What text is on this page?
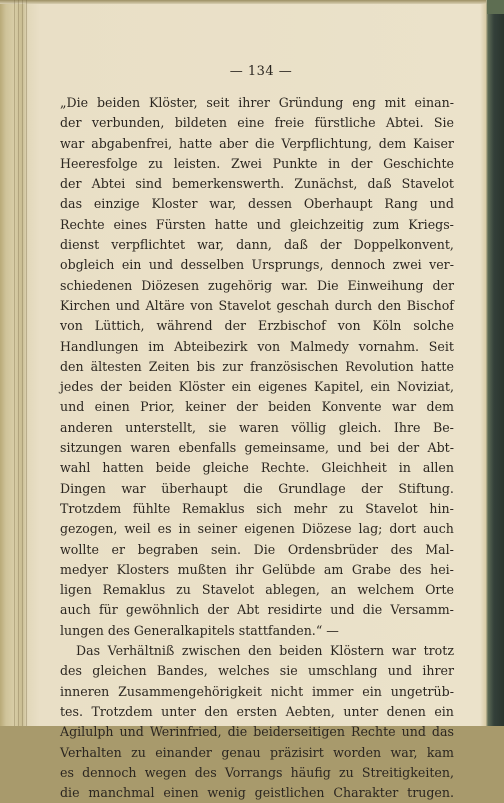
— 134 —
„Die beiden Klöster, seit ihrer Gründung eng mit einan-
der verbunden, bildeten eine freie fürstliche Abtei. Sie
war abgabenfrei, hatte aber die Verpflichtung, dem Kaiser
Heeresfolge zu leisten. Zwei Punkte in der Geschichte
der Abtei sind bemerkenswerth. Zunächst, daß Stavelot
das einzige Kloster war, dessen Oberhaupt Rang und
Rechte eines Fürsten hatte und gleichzeitig zum Kriegs-
dienst verpflichtet war, dann, daß der Doppelkonvent,
obgleich ein und desselben Ursprungs, dennoch zwei ver-
schiedenen Diözesen zugehörig war. Die Einweihung der
Kirchen und Altäre von Stavelot geschah durch den Bischof
von Lüttich, während der Erzbischof von Köln solche
Handlungen im Abteibezirk von Malmedy vornahm. Seit
den ältesten Zeiten bis zur französischen Revolution hatte
jedes der beiden Klöster ein eigenes Kapitel, ein Noviziat,
und einen Prior, keiner der beiden Konvente war dem
anderen unterstellt, sie waren völlig gleich. Ihre Be-
sitzungen waren ebenfalls gemeinsame, und bei der Abt-
wahl hatten beide gleiche Rechte. Gleichheit in allen
Dingen war überhaupt die Grundlage der Stiftung.
Trotzdem fühlte Remaklus sich mehr zu Stavelot hin-
gezogen, weil es in seiner eigenen Diözese lag; dort auch
wollte er begraben sein. Die Ordensbrüder des Mal-
medyer Klosters mußten ihr Gelübde am Grabe des hei-
ligen Remaklus zu Stavelot ablegen, an welchem Orte
auch für gewöhnlich der Abt residirte und die Versamm-
lungen des Generalkapitels stattfanden.“ —
Das Verhältniß zwischen den beiden Klöstern war trotz
des gleichen Bandes, welches sie umschlang und ihrer
inneren Zusammengehörigkeit nicht immer ein ungetrüb-
tes. Trotzdem unter den ersten Aebten, unter denen ein
Agilulph und Werinfried, die beiderseitigen Rechte und das
Verhalten zu einander genau präzisirt worden war, kam
es dennoch wegen des Vorrangs häufig zu Streitigkeiten,
die manchmal einen wenig geistlichen Charakter trugen.
